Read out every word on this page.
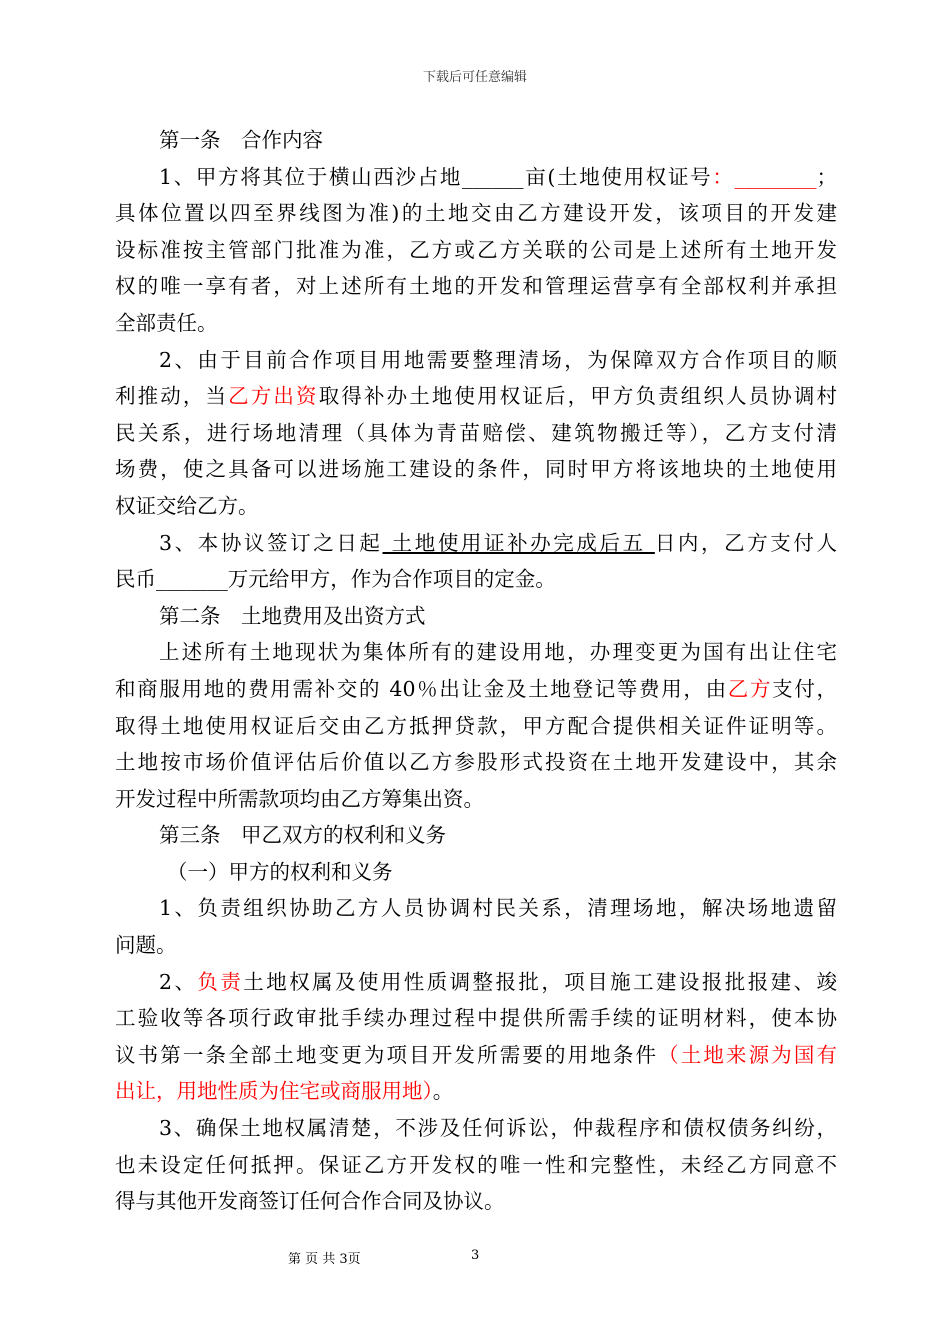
下载后可任意编辑
第一条　合作内容
1、甲方将其位于横山西沙占地______亩(土地使用权证号：________；
具体位置以四至界线图为准)的土地交由乙方建设开发，该项目的开发建
设标准按主管部门批准为准，乙方或乙方关联的公司是上述所有土地开发
权的唯一享有者，对上述所有土地的开发和管理运营享有全部权利并承担
全部责任。
2、由于目前合作项目用地需要整理清场，为保障双方合作项目的顺
利推动，当乙方出资取得补办土地使用权证后，甲方负责组织人员协调村
民关系，进行场地清理（具体为青苗赔偿、建筑物搬迁等），乙方支付清
场费，使之具备可以进场施工建设的条件，同时甲方将该地块的土地使用
权证交给乙方。
3、本协议签订之日起 土地使用证补办完成后五 日内，乙方支付人
民币_______万元给甲方，作为合作项目的定金。
第二条　土地费用及出资方式
上述所有土地现状为集体所有的建设用地，办理变更为国有出让住宅
和商服用地的费用需补交的 40％出让金及土地登记等费用，由乙方支付，
取得土地使用权证后交由乙方抵押贷款，甲方配合提供相关证件证明等。
土地按市场价值评估后价值以乙方参股形式投资在土地开发建设中，其余
开发过程中所需款项均由乙方筹集出资。
第三条　甲乙双方的权利和义务
（一）甲方的权利和义务
1、负责组织协助乙方人员协调村民关系，清理场地，解决场地遗留
问题。
2、负责土地权属及使用性质调整报批，项目施工建设报批报建、竣
工验收等各项行政审批手续办理过程中提供所需手续的证明材料，使本协
议书第一条全部土地变更为项目开发所需要的用地条件（土地来源为国有
出让，用地性质为住宅或商服用地）。
3、确保土地权属清楚，不涉及任何诉讼，仲裁程序和债权债务纠纷，
也未设定任何抵押。保证乙方开发权的唯一性和完整性，未经乙方同意不
得与其他开发商签订任何合作合同及协议。
第 页 共 3页	3
